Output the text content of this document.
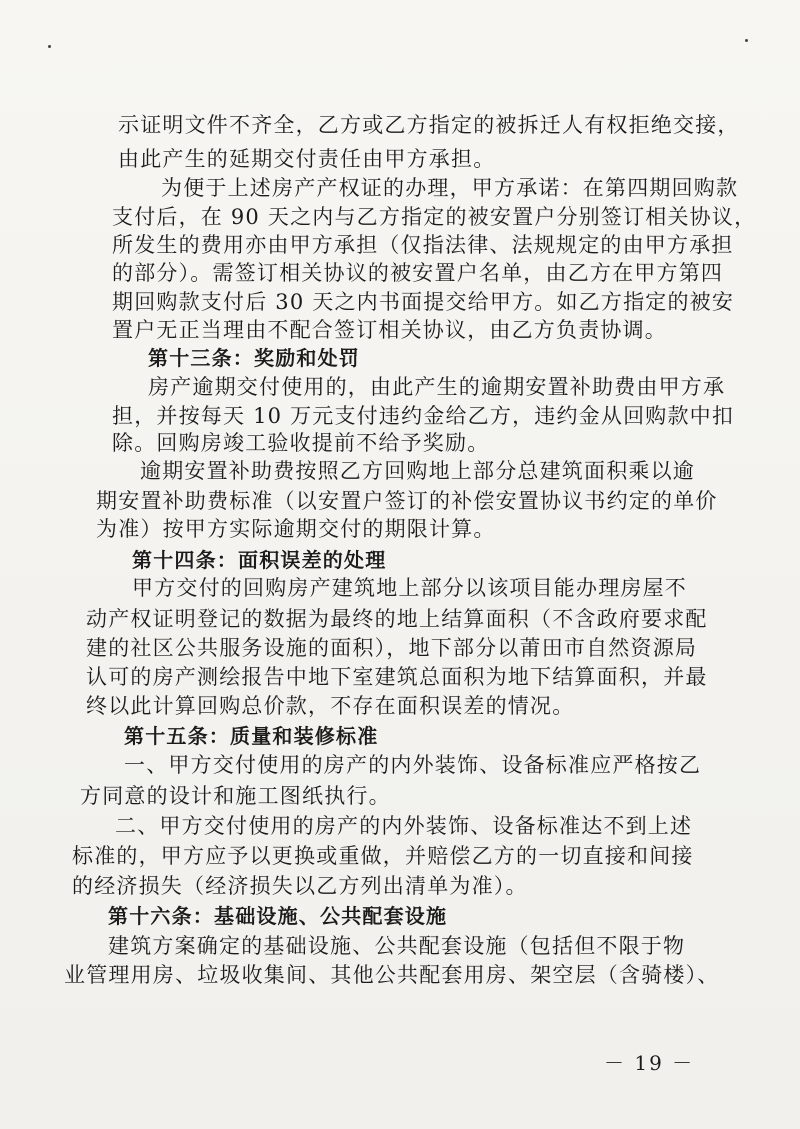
示证明文件不齐全，乙方或乙方指定的被拆迁人有权拒绝交接，
由此产生的延期交付责任由甲方承担。
为便于上述房产产权证的办理，甲方承诺：在第四期回购款
支付后，在 90 天之内与乙方指定的被安置户分别签订相关协议，
所发生的费用亦由甲方承担（仅指法律、法规规定的由甲方承担
的部分）。需签订相关协议的被安置户名单，由乙方在甲方第四
期回购款支付后 30 天之内书面提交给甲方。如乙方指定的被安
置户无正当理由不配合签订相关协议，由乙方负责协调。
第十三条：奖励和处罚
房产逾期交付使用的，由此产生的逾期安置补助费由甲方承
担，并按每天 10 万元支付违约金给乙方，违约金从回购款中扣
除。回购房竣工验收提前不给予奖励。
逾期安置补助费按照乙方回购地上部分总建筑面积乘以逾
期安置补助费标准（以安置户签订的补偿安置协议书约定的单价
为准）按甲方实际逾期交付的期限计算。
第十四条：面积误差的处理
甲方交付的回购房产建筑地上部分以该项目能办理房屋不
动产权证明登记的数据为最终的地上结算面积（不含政府要求配
建的社区公共服务设施的面积），地下部分以莆田市自然资源局
认可的房产测绘报告中地下室建筑总面积为地下结算面积，并最
终以此计算回购总价款，不存在面积误差的情况。
第十五条：质量和装修标准
一、甲方交付使用的房产的内外装饰、设备标准应严格按乙
方同意的设计和施工图纸执行。
二、甲方交付使用的房产的内外装饰、设备标准达不到上述
标准的，甲方应予以更换或重做，并赔偿乙方的一切直接和间接
的经济损失（经济损失以乙方列出清单为准）。
第十六条：基础设施、公共配套设施
建筑方案确定的基础设施、公共配套设施（包括但不限于物
业管理用房、垃圾收集间、其他公共配套用房、架空层（含骑楼）、
－ 19 －
